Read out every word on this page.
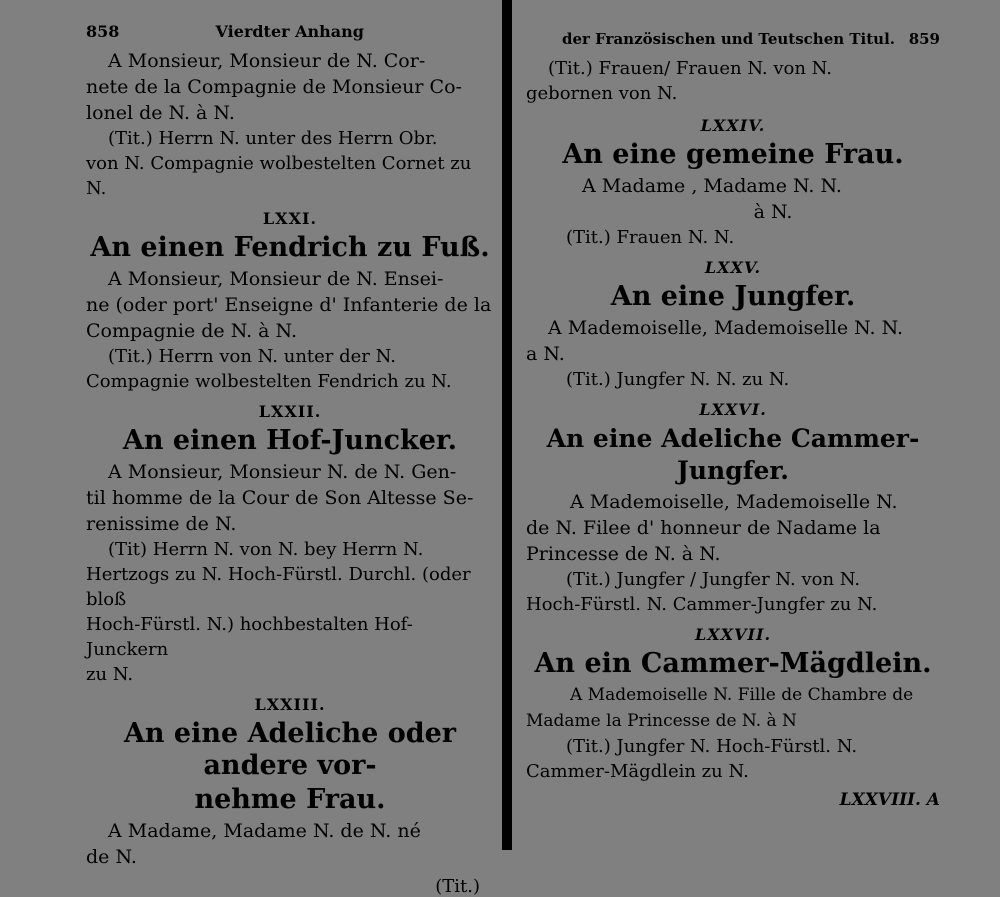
858	Vierdter Anhang

A Monsieur, Monsieur de N. Cor-

nete de la Compagnie de Monsieur Co-

lonel de N. à N.

(Tit.) Herrn N. unter des Herrn Obr.

von N. Compagnie wolbestelten Cornet zu N.

LXXI.

An einen Fendrich zu Fuß.

A Monsieur, Monsieur de N. Ensei-

ne (oder port' Enseigne d' Infanterie de la

Compagnie de N. à N.

(Tit.) Herrn von N. unter der N.

Compagnie wolbestelten Fendrich zu N.

LXXII.

An einen Hof-Juncker.

A Monsieur, Monsieur N. de N. Gen-

til homme de la Cour de Son Altesse Se-

renissime de N.

(Tit) Herrn N. von N. bey Herrn N.

Hertzogs zu N. Hoch-Fürstl. Durchl. (oder bloß

Hoch-Fürstl. N.) hochbestalten Hof-Junckern

zu N.

LXXIII.

An eine Adeliche oder andere vor-

nehme Frau.

A Madame, Madame N. de N. né

de N.

(Tit.)

der Französischen und Teutschen Titul. 859

(Tit.) Frauen/ Frauen N. von N.

gebornen von N.

LXXIV.

An eine gemeine Frau.

A Madame , Madame N. N.

à N.

(Tit.) Frauen N. N.

LXXV.

An eine Jungfer.

A Mademoiselle, Mademoiselle N. N.

a N.

(Tit.) Jungfer N. N. zu N.

LXXVI.

An eine Adeliche Cammer-Jungfer.

A Mademoiselle, Mademoiselle N.

de N. Filee d' honneur de Nadame la

Princesse de N. à N.

(Tit.) Jungfer / Jungfer N. von N.

Hoch-Fürstl. N. Cammer-Jungfer zu N.

LXXVII.

An ein Cammer-Mägdlein.

A Mademoiselle N. Fille de Chambre de

Madame la Princesse de N. à N

(Tit.) Jungfer N. Hoch-Fürstl. N.

Cammer-Mägdlein zu N.

LXXVIII. A
